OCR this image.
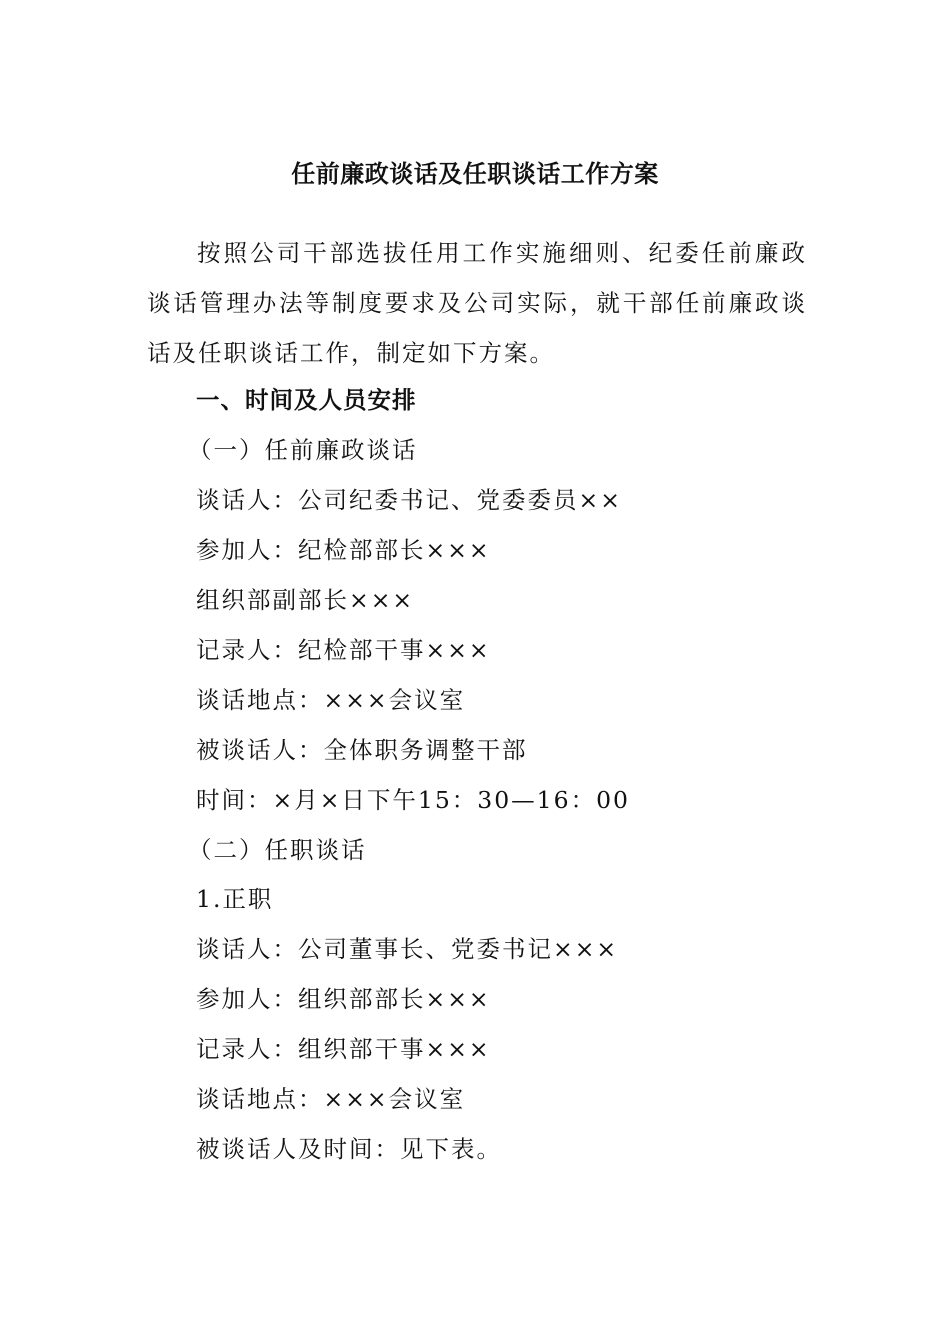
任前廉政谈话及任职谈话工作方案

按照公司干部选拔任用工作实施细则、纪委任前廉政谈话管理办法等制度要求及公司实际，就干部任前廉政谈话及任职谈话工作，制定如下方案。

一、时间及人员安排
（一）任前廉政谈话
谈话人：公司纪委书记、党委委员××
参加人：纪检部部长×××
组织部副部长×××
记录人：纪检部干事×××
谈话地点：×××会议室
被谈话人：全体职务调整干部
时间：×月×日下午15：30—16：00
（二）任职谈话
1.正职
谈话人：公司董事长、党委书记×××
参加人：组织部部长×××
记录人：组织部干事×××
谈话地点：×××会议室
被谈话人及时间：见下表。
